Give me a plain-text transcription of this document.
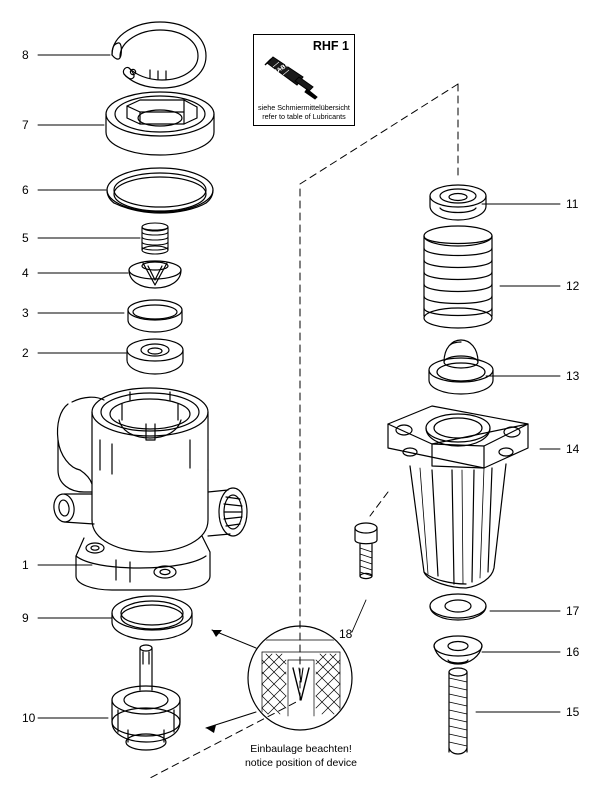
8
7
6
5
4
3
2
1
9
10
11
12
13
14
17
16
15
18
RHF 1
WABCO
siehe Schmiermittelübersicht
refer to table of Lubricants
Einbaulage beachten!
notice position of device
